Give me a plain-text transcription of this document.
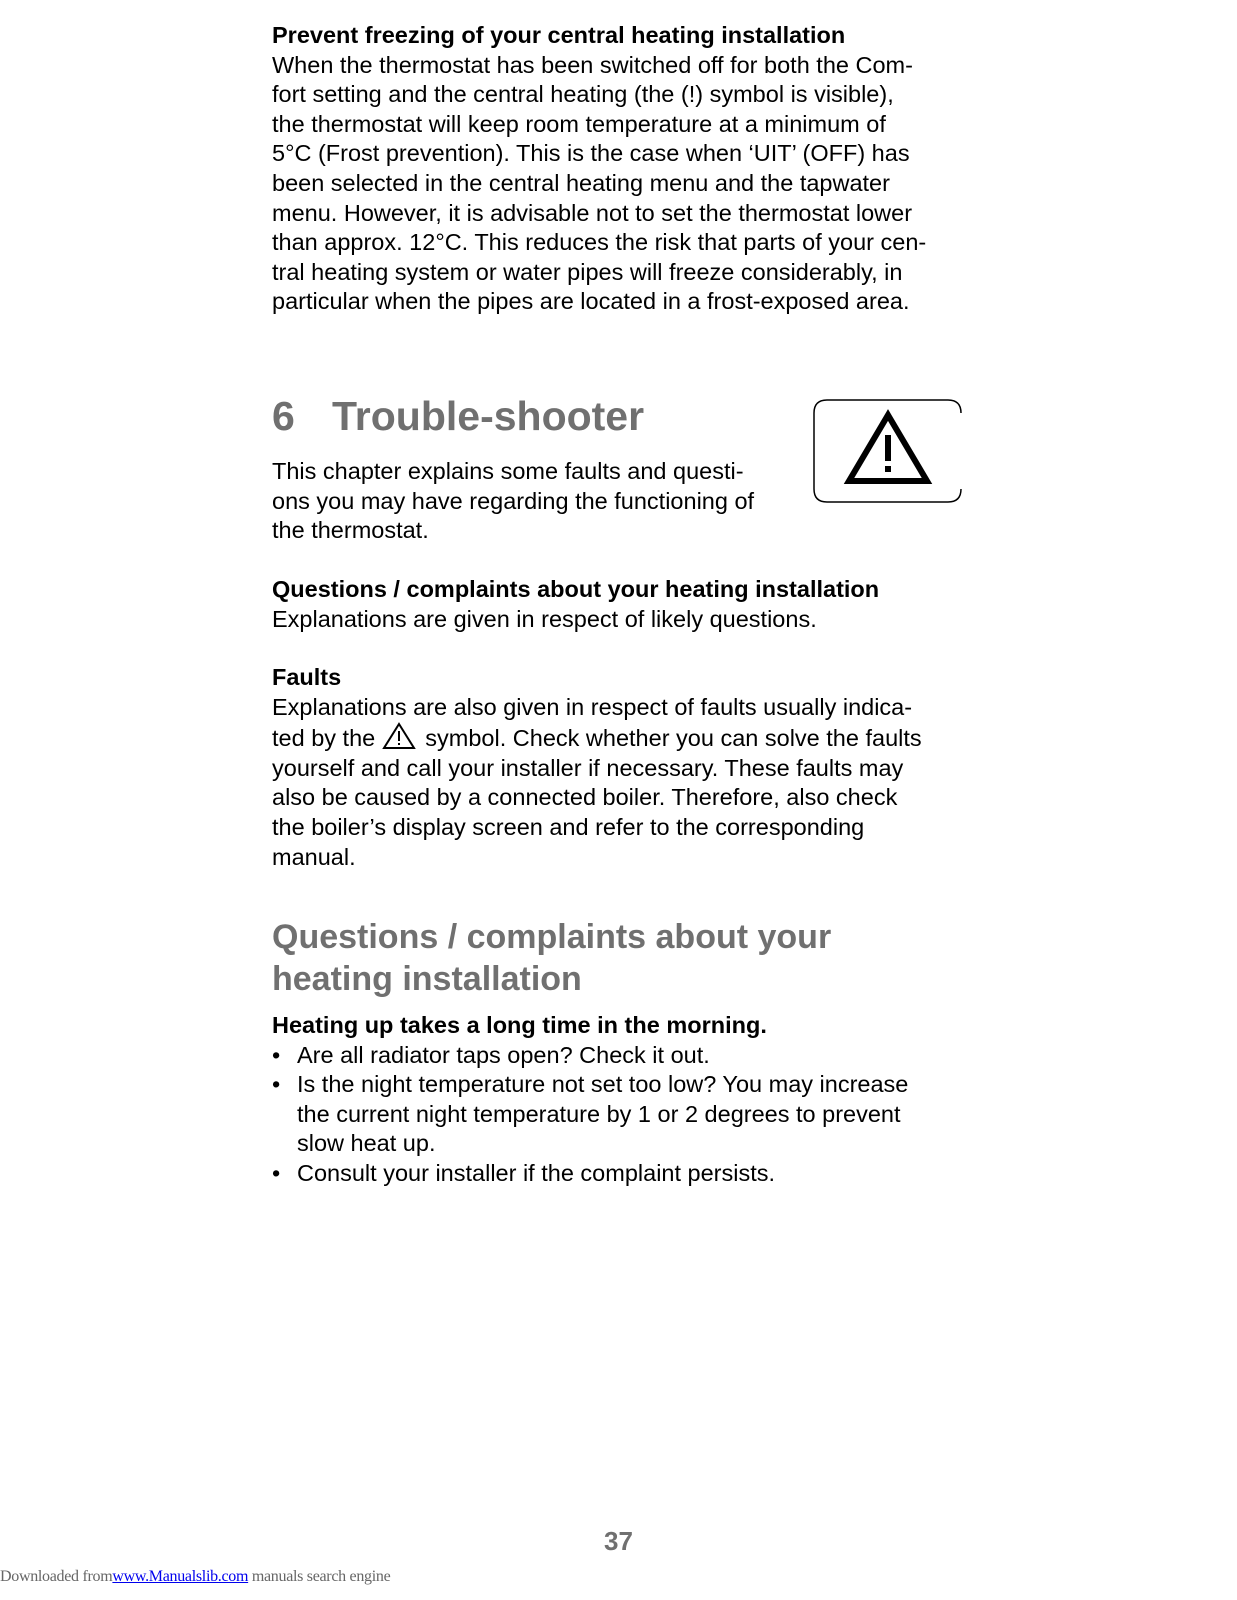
Prevent freezing of your central heating installation
When the thermostat has been switched off for both the Com-
fort setting and the central heating (the (!) symbol is visible),
the thermostat will keep room temperature at a minimum of
5°C (Frost prevention). This is the case when ‘UIT’ (OFF) has
been selected in the central heating menu and the tapwater
menu. However, it is advisable not to set the thermostat lower
than approx. 12°C. This reduces the risk that parts of your cen-
tral heating system or water pipes will freeze considerably, in
particular when the pipes are located in a frost-exposed area.
6 Trouble-shooter
This chapter explains some faults and questi-
ons you may have regarding the functioning of
the thermostat.
Questions / complaints about your heating installation
Explanations are given in respect of likely questions.
Faults
Explanations are also given in respect of faults usually indica-
ted by the symbol. Check whether you can solve the faults
yourself and call your installer if necessary. These faults may
also be caused by a connected boiler. Therefore, also check
the boiler’s display screen and refer to the corresponding
manual.
Questions / complaints about your
heating installation
Heating up takes a long time in the morning.
• Are all radiator taps open? Check it out.
• Is the night temperature not set too low? You may increase
the current night temperature by 1 or 2 degrees to prevent
slow heat up.
• Consult your installer if the complaint persists.
37
Downloaded fromwww.Manualslib.com manuals search engine
